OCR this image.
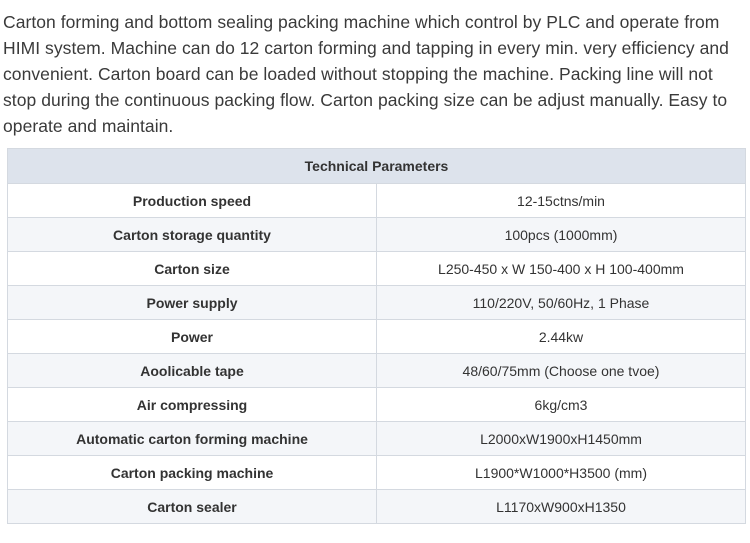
Carton forming and bottom sealing packing machine which control by PLC and operate from HIMI system. Machine can do 12 carton forming and tapping in every min. very efficiency and convenient. Carton board can be loaded without stopping the machine. Packing line will not stop during the continuous packing flow. Carton packing size can be adjust manually. Easy to operate and maintain.

Technical Parameters	
Production speed	12-15ctns/min
Carton storage quantity	100pcs (1000mm)
Carton size	L250-450 x W 150-400 x H 100-400mm
Power supply	110/220V, 50/60Hz, 1 Phase
Power	2.44kw
Aoolicable tape	48/60/75mm (Choose one tvoe)
Air compressing	6kg/cm3
Automatic carton forming machine	L2000xW1900xH1450mm
Carton packing machine	L1900*W1000*H3500 (mm)
Carton sealer	L1170xW900xH1350
